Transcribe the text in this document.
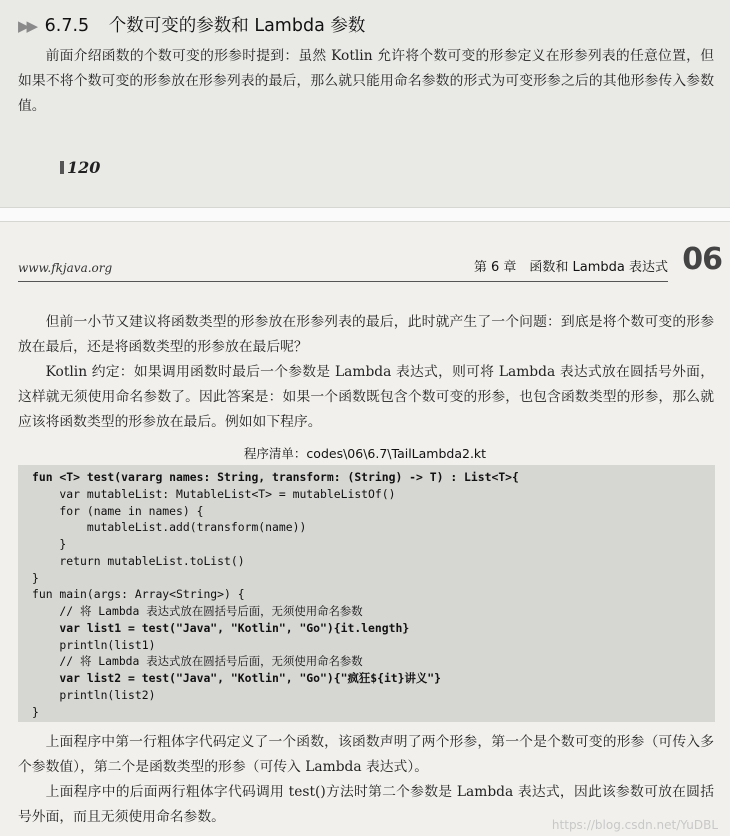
▶▶ 6.7.5 个数可变的参数和 Lambda 参数

前面介绍函数的个数可变的形参时提到：虽然 Kotlin 允许将个数可变的形参定义在形参列表的任意位置，但如果不将个数可变的形参放在形参列表的最后，那么就只能用命名参数的形式为可变形参之后的其他形参传入参数值。

120
www.fkjava.org	第 6 章　函数和 Lambda 表达式 06

但前一小节又建议将函数类型的形参放在形参列表的最后，此时就产生了一个问题：到底是将个数可变的形参放在最后，还是将函数类型的形参放在最后呢？

Kotlin 约定：如果调用函数时最后一个参数是 Lambda 表达式，则可将 Lambda 表达式放在圆括号外面，这样就无须使用命名参数了。因此答案是：如果一个函数既包含个数可变的形参，也包含函数类型的形参，那么就应该将函数类型的形参放在最后。例如如下程序。

程序清单：codes\06\6.7\TailLambda2.kt
fun <T> test(vararg names: String, transform: (String) -> T) : List<T>{
var mutableList: MutableList<T> = mutableListOf()
for (name in names) {
mutableList.add(transform(name))
}
return mutableList.toList()
}
fun main(args: Array<String>) {
// 将 Lambda 表达式放在圆括号后面，无须使用命名参数
var list1 = test("Java", "Kotlin", "Go"){it.length}
println(list1)
// 将 Lambda 表达式放在圆括号后面，无须使用命名参数
var list2 = test("Java", "Kotlin", "Go"){"疯狂${it}讲义"}
println(list2)
}

上面程序中第一行粗体字代码定义了一个函数，该函数声明了两个形参，第一个是个数可变的形参（可传入多个参数值），第二个是函数类型的形参（可传入 Lambda 表达式）。

上面程序中的后面两行粗体字代码调用 test()方法时第二个参数是 Lambda 表达式，因此该参数可放在圆括号外面，而且无须使用命名参数。	https://blog.csdn.net/YuDBL
